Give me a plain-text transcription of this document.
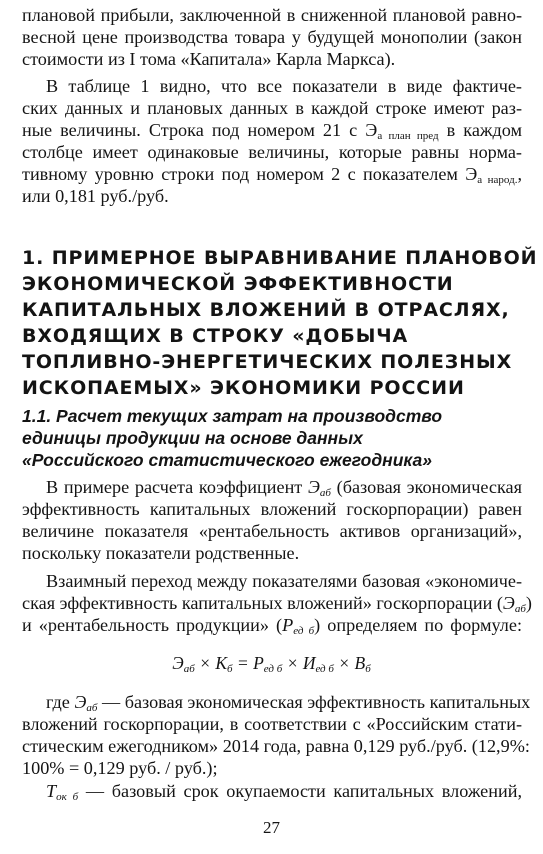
плановой прибыли, заключенной в сниженной плановой равно-
весной цене производства товара у будущей монополии (закон
стоимости из I тома «Капитала» Карла Маркса).
В таблице 1 видно, что все показатели в виде фактиче-
ских данных и плановых данных в каждой строке имеют раз-
ные величины. Строка под номером 21 с $Э_{а план пред}$ в каждом
столбце имеет одинаковые величины, которые равны норма-
тивному уровню строки под номером 2 с показателем $Э_{а народ.}$,
или 0,181 руб./руб.
1. ПРИМЕРНОЕ ВЫРАВНИВАНИЕ ПЛАНОВОЙ
ЭКОНОМИЧЕСКОЙ ЭФФЕКТИВНОСТИ
КАПИТАЛЬНЫХ ВЛОЖЕНИЙ В ОТРАСЛЯХ,
ВХОДЯЩИХ В СТРОКУ «ДОБЫЧА
ТОПЛИВНО-ЭНЕРГЕТИЧЕСКИХ ПОЛЕЗНЫХ
ИСКОПАЕМЫХ» ЭКОНОМИКИ РОССИИ
1.1. Расчет текущих затрат на производство
единицы продукции на основе данных
«Российского статистического ежегодника»
В примере расчета коэффициент $Э_{аб}$ (базовая экономическая
эффективность капитальных вложений госкорпорации) равен
величине показателя «рентабельность активов организаций»,
поскольку показатели родственные.
Взаимный переход между показателями базовая «экономиче-
ская эффективность капитальных вложений» госкорпорации $(Э_{аб})$
и «рентабельность продукции» $(Р_{ед б})$ определяем по формуле:
$Э_{аб} \times К_б = Р_{ед б} \times И_{ед б} \times В_б$
где $Э_{аб}$ — базовая экономическая эффективность капитальных
вложений госкорпорации, в соответствии с «Российским стати-
стическим ежегодником» 2014 года, равна 0,129 руб./руб. (12,9%:
100% = 0,129 руб. / руб.);
$Т_{ок б}$ — базовый срок окупаемости капитальных вложений,
27
